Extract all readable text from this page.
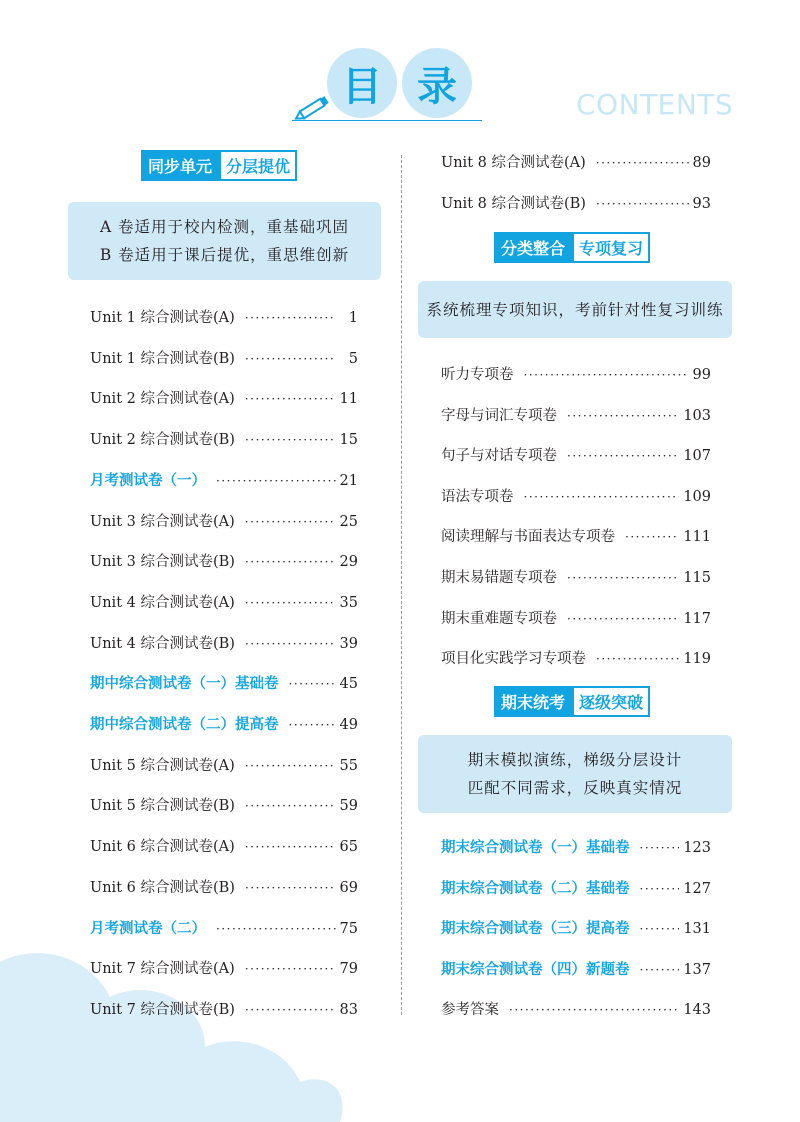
目 录	CONTENTS
同步单元 分层提优
A 卷适用于校内检测，重基础巩固
B 卷适用于课后提优，重思维创新
Unit 1 综合测试卷(A) ·····	1
Unit 1 综合测试卷(B) ·····	5
Unit 2 综合测试卷(A) ·····	11
Unit 2 综合测试卷(B) ·····	15
月考测试卷（一） ·····	21
Unit 3 综合测试卷(A) ·····	25
Unit 3 综合测试卷(B) ·····	29
Unit 4 综合测试卷(A) ·····	35
Unit 4 综合测试卷(B) ·····	39
期中综合测试卷（一）基础卷 ·····	45
期中综合测试卷（二）提高卷 ·····	49
Unit 5 综合测试卷(A) ·····	55
Unit 5 综合测试卷(B) ·····	59
Unit 6 综合测试卷(A) ·····	65
Unit 6 综合测试卷(B) ·····	69
月考测试卷（二） ·····	75
Unit 7 综合测试卷(A) ·····	79
Unit 7 综合测试卷(B) ·····	83
Unit 8 综合测试卷(A) ·····	89
Unit 8 综合测试卷(B) ·····	93
分类整合 专项复习
系统梳理专项知识，考前针对性复习训练
听力专项卷 ·····	99
字母与词汇专项卷 ·····	103
句子与对话专项卷 ·····	107
语法专项卷 ·····	109
阅读理解与书面表达专项卷 ·····	111
期末易错题专项卷 ·····	115
期末重难题专项卷 ·····	117
项目化实践学习专项卷 ·····	119
期末统考 逐级突破
期末模拟演练，梯级分层设计
匹配不同需求，反映真实情况
期末综合测试卷（一）基础卷 ·····	123
期末综合测试卷（二）基础卷 ·····	127
期末综合测试卷（三）提高卷 ·····	131
期末综合测试卷（四）新题卷 ·····	137
参考答案 ·····	143
